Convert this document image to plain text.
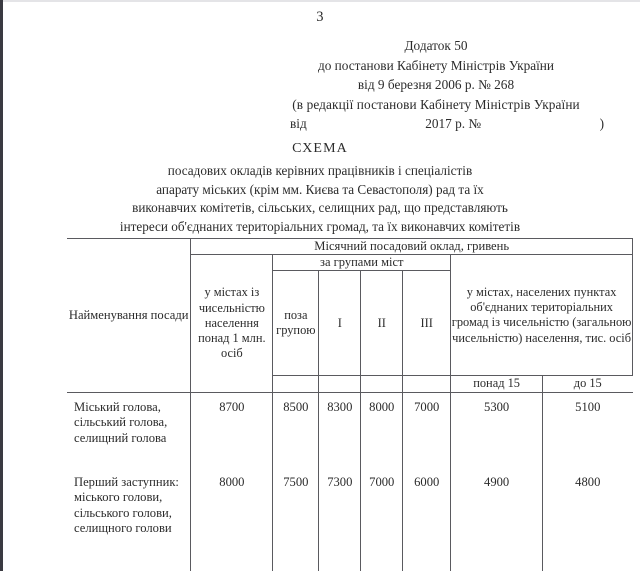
3
Додаток 50
до постанови Кабінету Міністрів України
від 9 березня 2006 р. № 268
(в редакції постанови Кабінету Міністрів України
від	2017 р. №	)
СХЕМА
посадових окладів керівних працівників і спеціалістів
апарату міських (крім мм. Києва та Севастополя) рад та їх
виконавчих комітетів, сільських, селищних рад, що представляють
інтереси об'єднаних територіальних громад, та їх виконавчих комітетів
Найменування посади	Місячний посадовий оклад, гривень						
	у містах із чисельністю населення понад 1 млн. осіб	за групами міст				у містах, населених пунктах об'єднаних територіальних громад із чисельністю (загальною чисельністю) населення, тис. осіб	
		поза групою	I	II	III		
						понад 15	до 15
Міський голова, сільський голова, селищний голова	8700	8500	8300	8000	7000	5300	5100
Перший заступник: міського голови, сільського голови, селищного голови	8000	7500	7300	7000	6000	4900	4800
